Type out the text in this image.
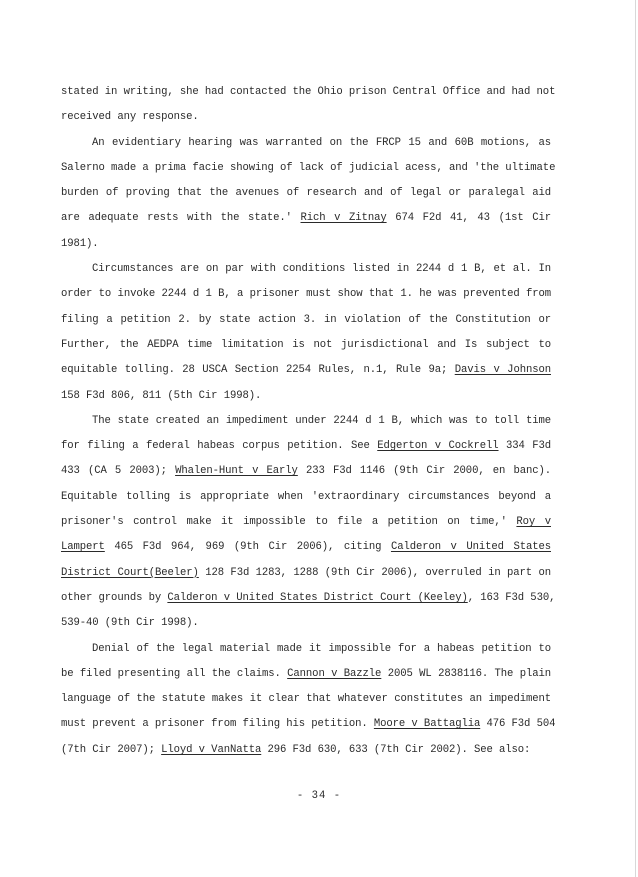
stated in writing, she had contacted the Ohio prison Central Office and had not
received any response.
An evidentiary hearing was warranted on the FRCP 15 and 60B motions, as
Salerno made a prima facie showing of lack of judicial acess, and 'the ultimate
burden of proving that the avenues of research and of legal or paralegal aid
are adequate rests with the state.' Rich v Zitnay 674 F2d 41, 43 (1st Cir
1981).
Circumstances are on par with conditions listed in 2244 d 1 B, et al. In
order to invoke 2244 d 1 B, a prisoner must show that 1. he was prevented from
filing a petition 2. by state action 3. in violation of the Constitution or
Further, the AEDPA time limitation is not jurisdictional and Is subject to
equitable tolling. 28 USCA Section 2254 Rules, n.1, Rule 9a; Davis v Johnson
158 F3d 806, 811 (5th Cir 1998).
The state created an impediment under 2244 d 1 B, which was to toll time
for filing a federal habeas corpus petition. See Edgerton v Cockrell 334 F3d
433 (CA 5 2003); Whalen-Hunt v Early 233 F3d 1146 (9th Cir 2000, en banc).
Equitable tolling is appropriate when 'extraordinary circumstances beyond a
prisoner's control make it impossible to file a petition on time,' Roy v
Lampert 465 F3d 964, 969 (9th Cir 2006), citing Calderon v United States
District Court(Beeler) 128 F3d 1283, 1288 (9th Cir 2006), overruled in part on
other grounds by Calderon v United States District Court (Keeley), 163 F3d 530,
539-40 (9th Cir 1998).
Denial of the legal material made it impossible for a habeas petition to
be filed presenting all the claims. Cannon v Bazzle 2005 WL 2838116. The plain
language of the statute makes it clear that whatever constitutes an impediment
must prevent a prisoner from filing his petition. Moore v Battaglia 476 F3d 504
(7th Cir 2007); Lloyd v VanNatta 296 F3d 630, 633 (7th Cir 2002). See also:
- 34 -
